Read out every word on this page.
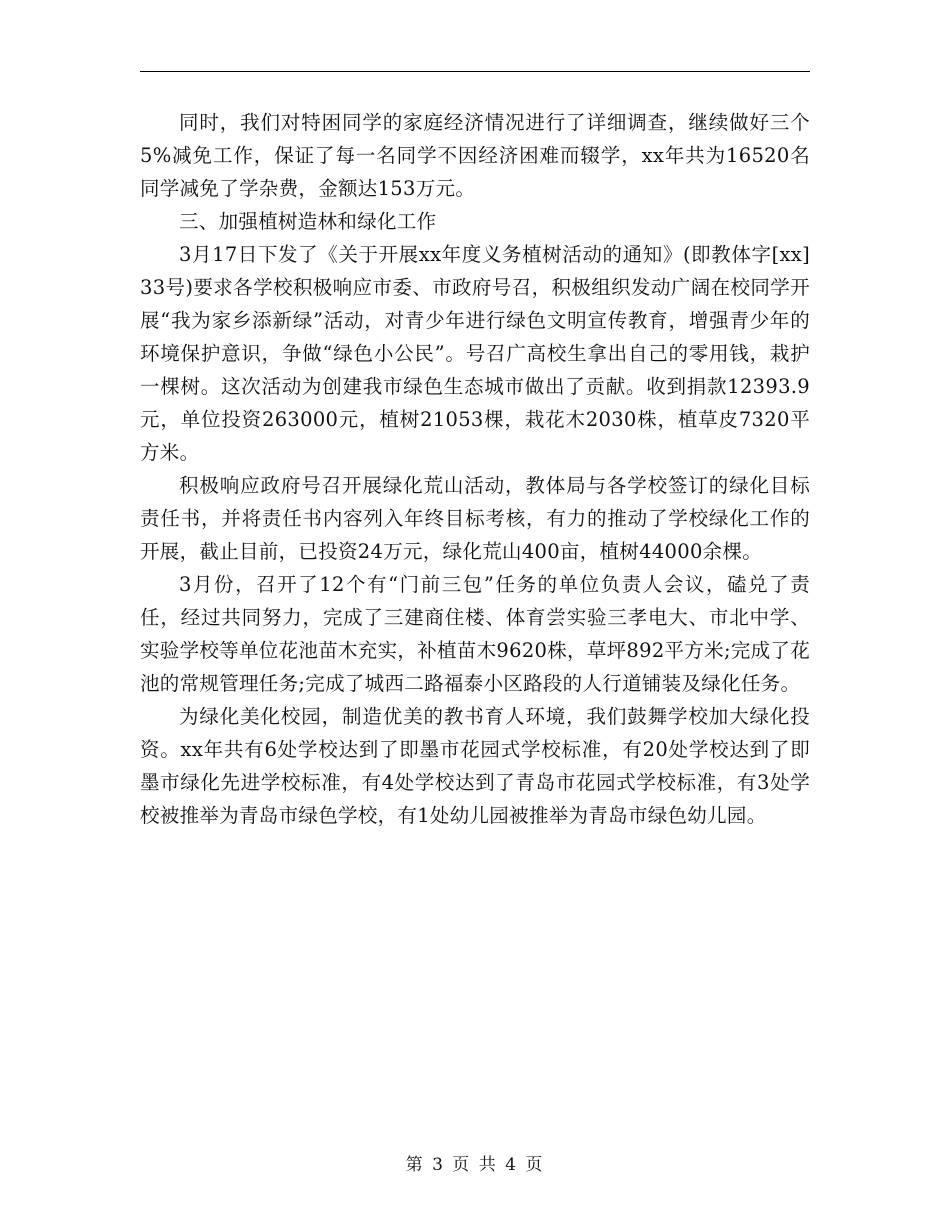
同时，我们对特困同学的家庭经济情况进行了详细调查，继续做好三个5%减免工作，保证了每一名同学不因经济困难而辍学，xx年共为16520名同学减免了学杂费，金额达153万元。

三、加强植树造林和绿化工作

3月17日下发了《关于开展xx年度义务植树活动的通知》(即教体字[xx]33号)要求各学校积极响应市委、市政府号召，积极组织发动广阔在校同学开展“我为家乡添新绿”活动，对青少年进行绿色文明宣传教育，增强青少年的环境保护意识，争做“绿色小公民”。号召广高校生拿出自己的零用钱，栽护一棵树。这次活动为创建我市绿色生态城市做出了贡献。收到捐款12393.9元，单位投资263000元，植树21053棵，栽花木2030株，植草皮7320平方米。

积极响应政府号召开展绿化荒山活动，教体局与各学校签订的绿化目标责任书，并将责任书内容列入年终目标考核，有力的推动了学校绿化工作的开展，截止目前，已投资24万元，绿化荒山400亩，植树44000余棵。

3月份，召开了12个有“门前三包”任务的单位负责人会议，磕兑了责任，经过共同努力，完成了三建商住楼、体育尝实验三孝电大、市北中学、实验学校等单位花池苗木充实，补植苗木9620株，草坪892平方米;完成了花池的常规管理任务;完成了城西二路福泰小区路段的人行道铺装及绿化任务。

为绿化美化校园，制造优美的教书育人环境，我们鼓舞学校加大绿化投资。xx年共有6处学校达到了即墨市花园式学校标准，有20处学校达到了即墨市绿化先进学校标准，有4处学校达到了青岛市花园式学校标准，有3处学校被推举为青岛市绿色学校，有1处幼儿园被推举为青岛市绿色幼儿园。

第 3 页 共 4 页
